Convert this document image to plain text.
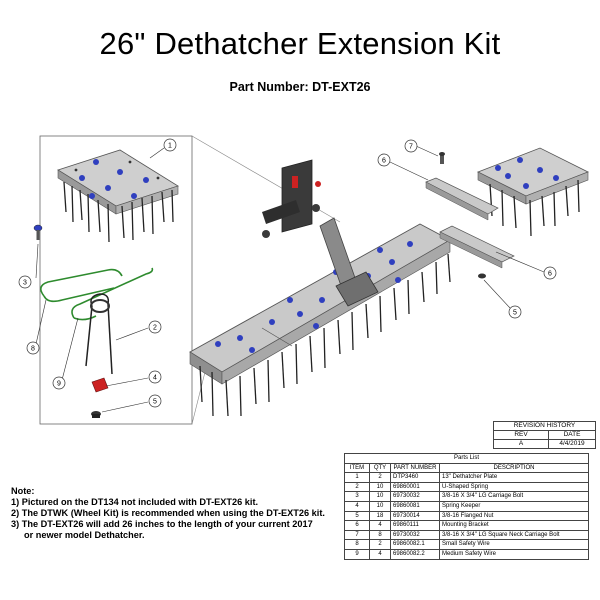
26" Dethatcher Extension Kit
Part Number: DT-EXT26
1
2
3
4
5
6
7
8
9
5
6
REVISION HISTORY	
REV	DATE
A	4/4/2019
Parts List			
ITEM	QTY	PART NUMBER	DESCRIPTION
1	2	DTP3460	13" Dethatcher Plate
2	10	69860001	U-Shaped Spring
3	10	69730032	3/8-16 X 3/4" LG Carriage Bolt
4	10	69860081	Spring Keeper
5	18	69730014	3/8-16 Flanged Nut
6	4	69860111	Mounting Bracket
7	8	69730032	3/8-16 X 3/4" LG Square Neck Carriage Bolt
8	2	69860082.1	Small Safety Wire
9	4	69860082.2	Medium Safety Wire
Note:
1) Pictured on the DT134 not included with DT-EXT26 kit.
2) The DTWK (Wheel Kit) is recommended when using the DT-EXT26 kit.
3) The DT-EXT26 will add 26 inches to the length of your current 2017
or newer model Dethatcher.
